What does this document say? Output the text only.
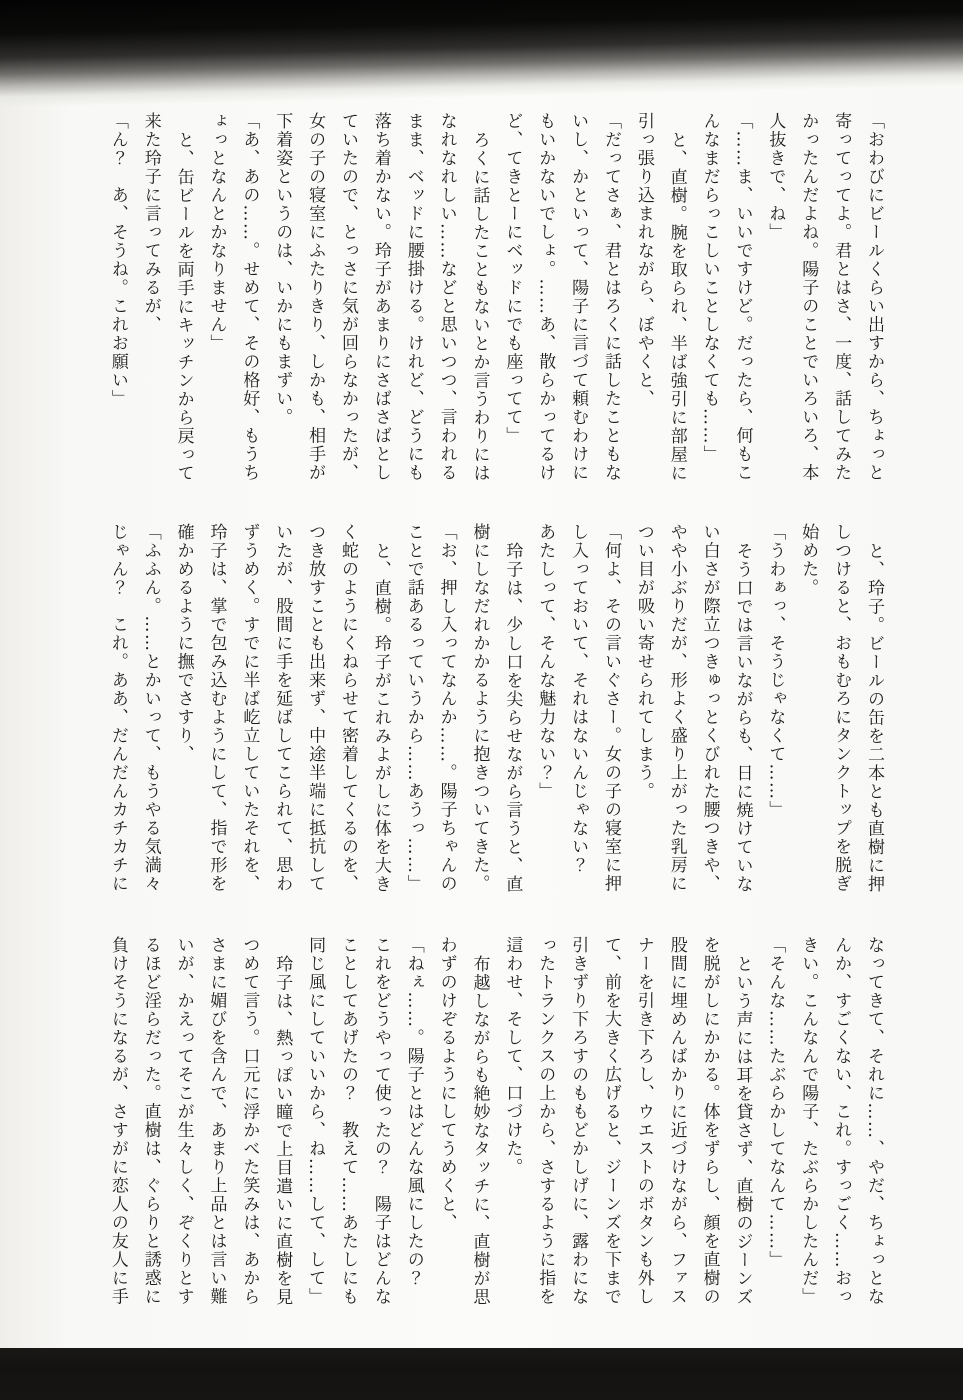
「おわびにビールくらい出すから、ちょっと

寄ってってよ。君とはさ、一度、話してみた

かったんだよね。陽子のことでいろいろ、本

人抜きで、ね」

「……ま、いいですけど。だったら、何もこ

んなまだらっこしいことしなくても……」

と、直樹。腕を取られ、半ば強引に部屋に

引っ張り込まれながら、ぼやくと、

「だってさぁ、君とはろくに話したこともな

いし、かといって、陽子に言づて頼むわけに

もいかないでしょ。……あ、散らかってるけ

ど、てきとーにベッドにでも座ってて」

ろくに話したこともないとか言うわりには

なれなれしい……などと思いつつ、言われる

まま、ベッドに腰掛ける。けれど、どうにも

落ち着かない。玲子があまりにさばさばとし

ていたので、とっさに気が回らなかったが、

女の子の寝室にふたりきり、しかも、相手が

下着姿というのは、いかにもまずい。

「あ、あの……。せめて、その格好、もうち

ょっとなんとかなりません」

と、缶ビールを両手にキッチンから戻って

来た玲子に言ってみるが、

「ん？　あ、そうね。これお願い」

と、玲子。ビールの缶を二本とも直樹に押

しつけると、おもむろにタンクトップを脱ぎ

始めた。

「うわぁっ、そうじゃなくて……」

そう口では言いながらも、日に焼けていな

い白さが際立つきゅっとくびれた腰つきや、

やや小ぶりだが、形よく盛り上がった乳房に

つい目が吸い寄せられてしまう。

「何よ、その言いぐさー。女の子の寝室に押

し入っておいて、それはないんじゃない？

あたしって、そんな魅力ない？」

玲子は、少し口を尖らせながら言うと、直

樹にしなだれかかるように抱きついてきた。

「お、押し入ってなんか……。陽子ちゃんの

ことで話あるっていうから……あうっ……」

と、直樹。玲子がこれみよがしに体を大き

く蛇のようにくねらせて密着してくるのを、

つき放すことも出来ず、中途半端に抵抗して

いたが、股間に手を延ばしてこられて、思わ

ずうめく。すでに半ば屹立していたそれを、

玲子は、掌で包み込むようにして、指で形を

確かめるように撫でさすり、

「ふふん。……とかいって、もうやる気満々

じゃん？　これ。ああ、だんだんカチカチに

なってきて、それに……、やだ、ちょっとな

んか、すごくない、これ。すっごく……おっ

きい。こんなんで陽子、たぶらかしたんだ」

「そんな……たぶらかしてなんて……」

という声には耳を貸さず、直樹のジーンズ

を脱がしにかかる。体をずらし、顔を直樹の

股間に埋めんばかりに近づけながら、ファス

ナーを引き下ろし、ウエストのボタンも外し

て、前を大きく広げると、ジーンズを下まで

引きずり下ろすのももどかしげに、露わにな

ったトランクスの上から、さするように指を

這わせ、そして、口づけた。

布越しながらも絶妙なタッチに、直樹が思

わずのけぞるようにしてうめくと、

「ねぇ……。陽子とはどんな風にしたの？

これをどうやって使ったの？　陽子はどんな

ことしてあげたの？　教えて……あたしにも

同じ風にしていいから、ね……して、して」

玲子は、熱っぽい瞳で上目遣いに直樹を見

つめて言う。口元に浮かべた笑みは、あから

さまに媚びを含んで、あまり上品とは言い難

いが、かえってそこが生々しく、ぞくりとす

るほど淫らだった。直樹は、ぐらりと誘惑に

負けそうになるが、さすがに恋人の友人に手
